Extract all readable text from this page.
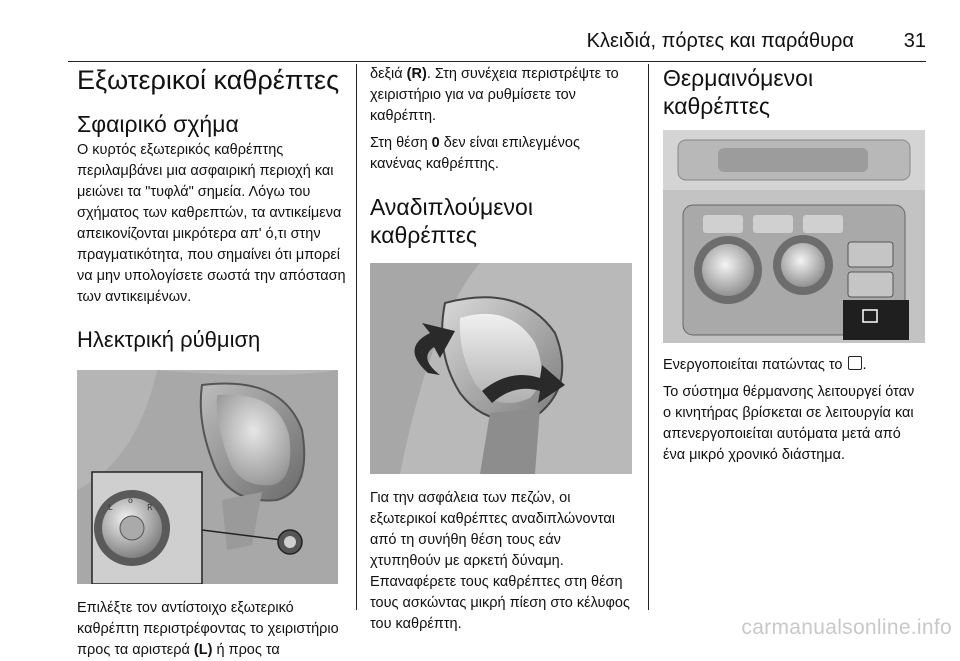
Κλειδιά, πόρτες και παράθυρα 31
Εξωτερικοί καθρέπτες
Σφαιρικό σχήμα

Ο κυρτός εξωτερικός καθρέπτης περιλαμβάνει μια ασφαιρική περιοχή και μειώνει τα "τυφλά" σημεία. Λόγω του σχήματος των καθρεπτών, τα αντικείμενα απεικονίζονται μικρότερα απ' ό,τι στην πραγματικότητα, που σημαίνει ότι μπορεί να μην υπολογίσετε σωστά την απόσταση των αντικειμένων.

Ηλεκτρική ρύθμιση
L
o
R

Επιλέξτε τον αντίστοιχο εξωτερικό καθρέπτη περιστρέφοντας το χειριστήριο προς τα αριστερά (L) ή προς τα

δεξιά (R). Στη συνέχεια περιστρέψτε το χειριστήριο για να ρυθμίσετε τον καθρέπτη.

Στη θέση 0 δεν είναι επιλεγμένος κανένας καθρέπτης.

Αναδιπλούμενοι καθρέπτες

Για την ασφάλεια των πεζών, οι εξωτερικοί καθρέπτες αναδιπλώνονται από τη συνήθη θέση τους εάν χτυπηθούν με αρκετή δύναμη. Επαναφέρετε τους καθρέπτες στη θέση τους ασκώντας μικρή πίεση στο κέλυφος του καθρέπτη.

Θερμαινόμενοι καθρέπτες

Ενεργοποιείται πατώντας το .

Το σύστημα θέρμανσης λειτουργεί όταν ο κινητήρας βρίσκεται σε λειτουργία και απενεργοποιείται αυτόματα μετά από ένα μικρό χρονικό διάστημα.

carmanualsonline.info
